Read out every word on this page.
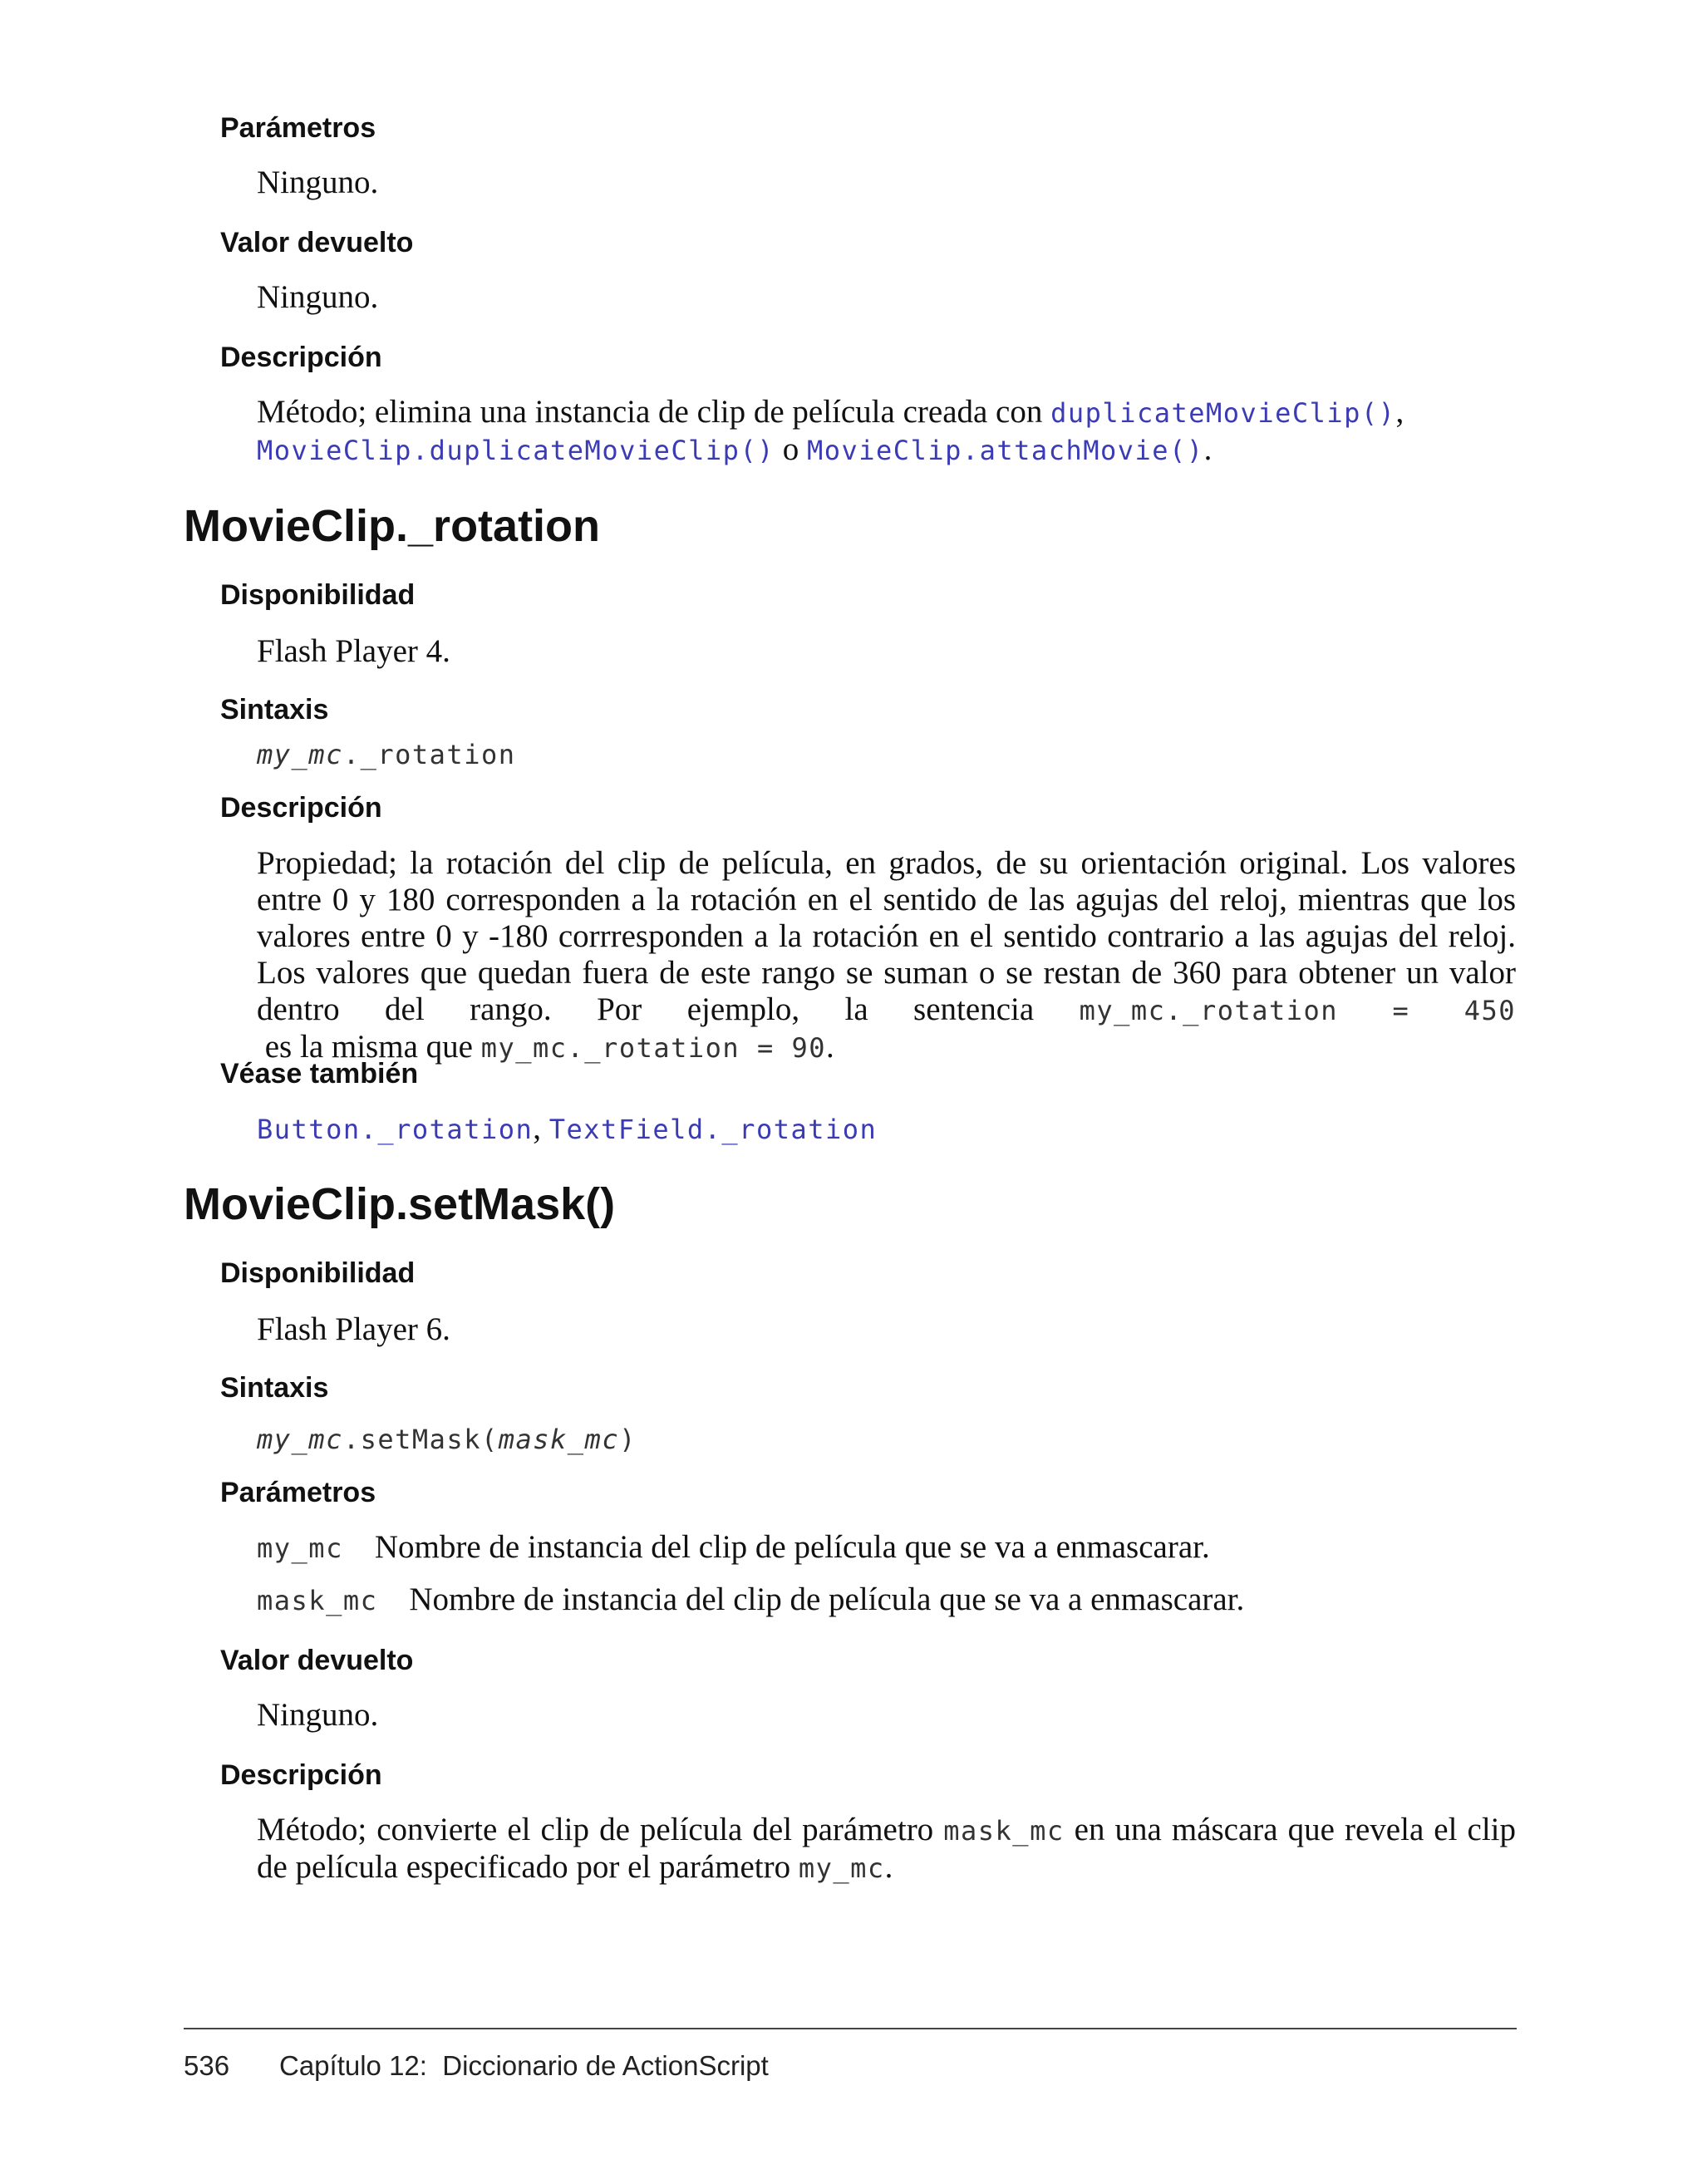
Parámetros
Ninguno.
Valor devuelto
Ninguno.
Descripción
Método; elimina una instancia de clip de película creada con duplicateMovieClip(),
MovieClip.duplicateMovieClip() o MovieClip.attachMovie().
MovieClip._rotation
Disponibilidad
Flash Player 4.
Sintaxis
my_mc._rotation
Descripción
Propiedad; la rotación del clip de película, en grados, de su orientación original. Los valores entre 0 y 180 corresponden a la rotación en el sentido de las agujas del reloj, mientras que los valores entre 0 y -180 corrresponden a la rotación en el sentido contrario a las agujas del reloj. Los valores que quedan fuera de este rango se suman o se restan de 360 para obtener un valor dentro del rango. Por ejemplo, la sentencia my_mc._rotation = 450 es la misma que my_mc._rotation = 90.
Véase también
Button._rotation, TextField._rotation
MovieClip.setMask()
Disponibilidad
Flash Player 6.
Sintaxis
my_mc.setMask(mask_mc)
Parámetros
my_mc Nombre de instancia del clip de película que se va a enmascarar.
mask_mc Nombre de instancia del clip de película que se va a enmascarar.
Valor devuelto
Ninguno.
Descripción
Método; convierte el clip de película del parámetro mask_mc en una máscara que revela el clip de película especificado por el parámetro my_mc.
536 Capítulo 12:  Diccionario de ActionScript
